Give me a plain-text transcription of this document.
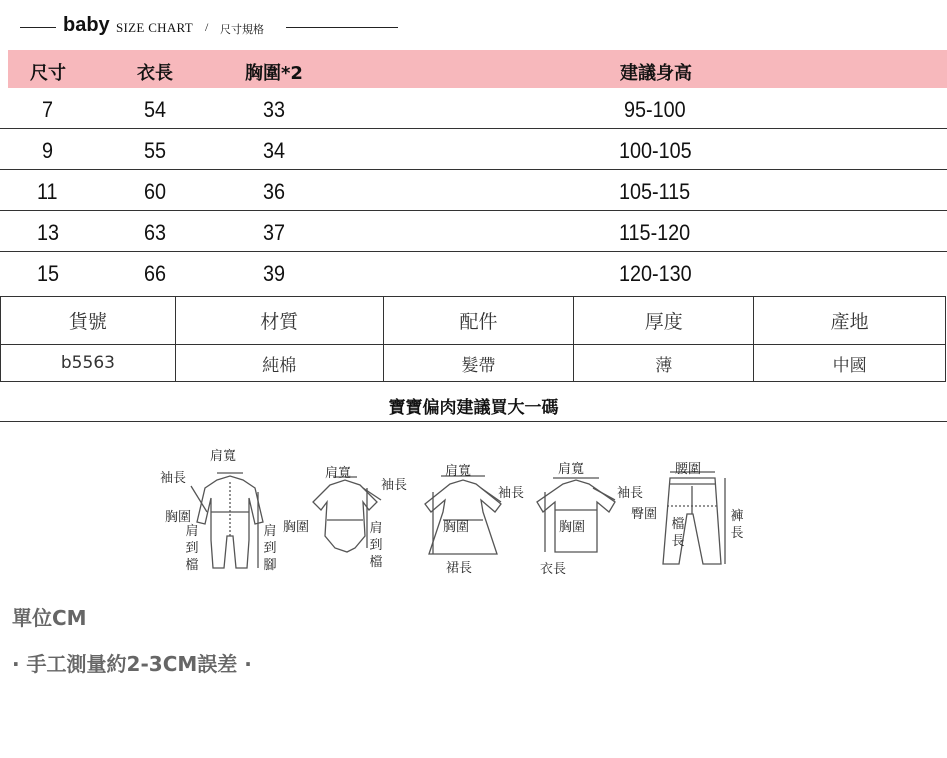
baby SIZE CHART / 尺寸規格
尺寸	衣長	胸圍*2	建議身高
7	54	33	95-100
9	55	34	100-105
11	60	36	105-115
13	63	37	115-120
15	66	39	120-130
貨號	材質	配件	厚度	產地
b5563	純棉	髮帶	薄	中國
寶寶偏肉建議買大一碼
肩寬
袖長
胸圍
肩
到
檔
肩
到
腳
肩寬
袖長
胸圍	肩
到
檔
肩寬
袖長
胸圍
裙長
肩寬
袖長
胸圍
衣長
腰圍
臀圍
檔
長
褲
長
單位CM
· 手工測量約2-3CM誤差 ·
